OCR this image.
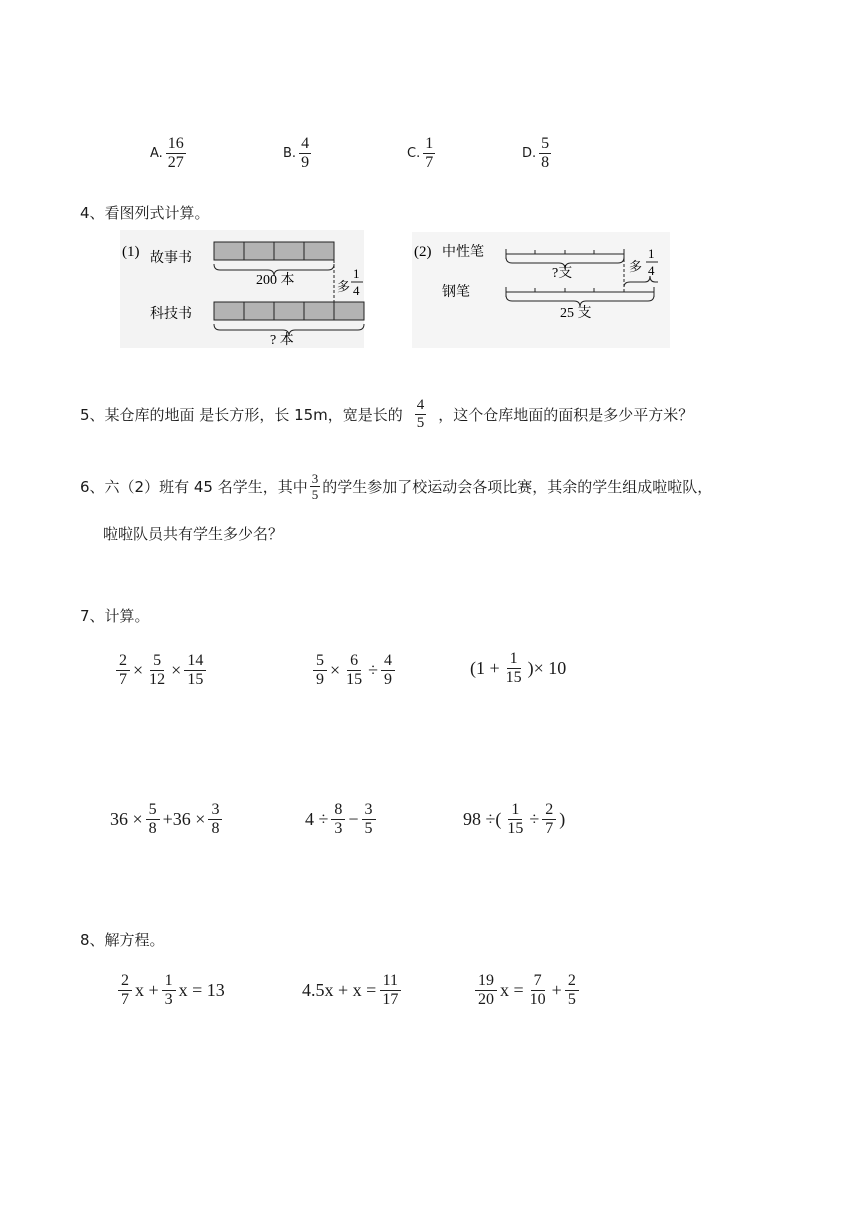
A. $\frac{16}{27}$	B. $\frac{4}{9}$	C. $\frac{1}{7}$	D. $\frac{5}{8}$
4、看图列式计算。
(1) 故事书
200 本	多
1
4
科技书
? 本
(2) 中性笔
?支	多
1
4
钢笔
25 支
5、某仓库的地面 是长方形，长 15m，宽是长的 $\frac{4}{5}$ ，这个仓库地面的面积是多少平方米？
6、六（2）班有 45 名学生，其中 $\frac{3}{5}$ 的学生参加了校运动会各项比赛，其余的学生组成啦啦队，
啦啦队员共有学生多少名？
7、计算。
$\frac{2}{7} \times \frac{5}{12} \times \frac{14}{15}$	$\frac{5}{9} \times \frac{6}{15} \div \frac{4}{9}$	($1 + \frac{1}{15}$ )× 10
$36 \times \frac{5}{8} +36 \times \frac{3}{8}$	$4 \div \frac{8}{3} - \frac{3}{5}$	98 ÷( $\frac{1}{15} \div \frac{2}{7}$ )
8、解方程。
$\frac{2}{7}$ $x + \frac{1}{3}$ x = 13	$4.5x + x = \frac{11}{17}$	$\frac{19}{20}$ $x = \frac{7}{10} + \frac{2}{5}$
